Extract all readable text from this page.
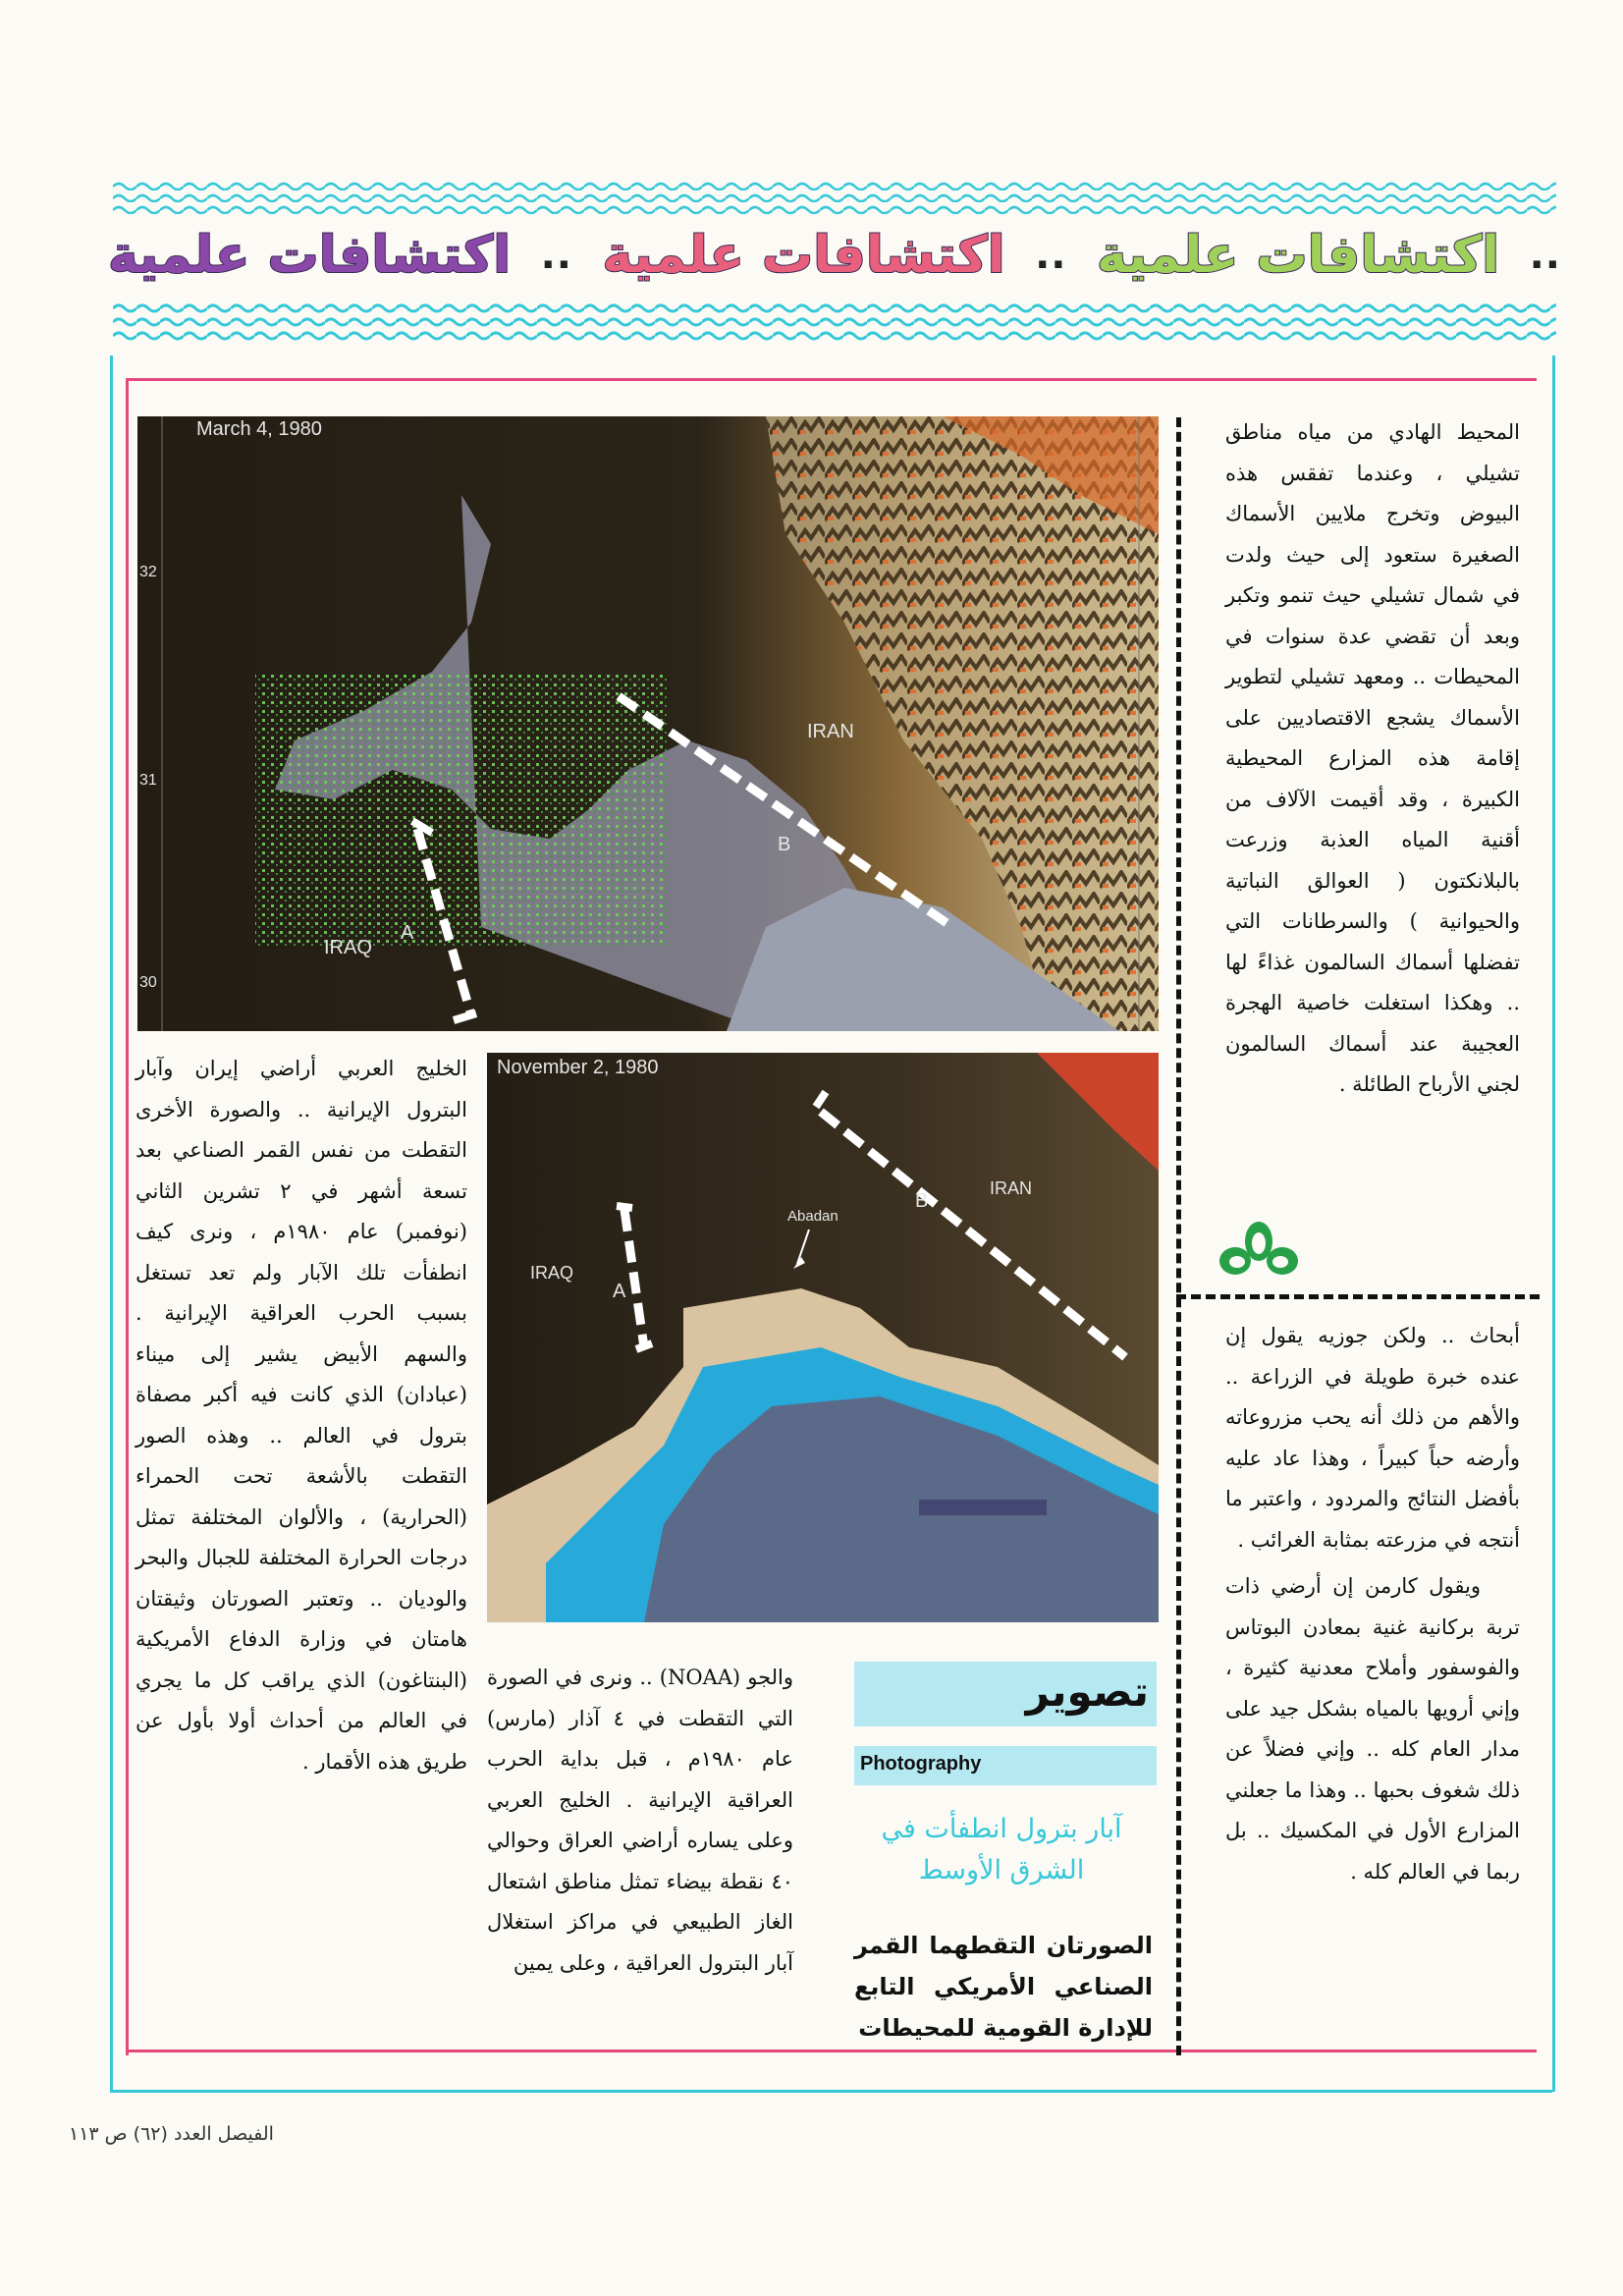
اكتشافات علمية .. اكتشافات علمية .. اكتشافات علمية ..

المحيط الهادي من مياه مناطق تشيلي ، وعندما تفقس هذه البيوض وتخرج ملايين الأسماك الصغيرة ستعود إلى حيث ولدت في شمال تشيلي حيث تنمو وتكبر وبعد أن تقضي عدة سنوات في المحيطات .. ومعهد تشيلي لتطوير الأسماك يشجع الاقتصاديين على إقامة هذه المزارع المحيطية الكبيرة ، وقد أقيمت الآلاف من أقنية المياه العذبة وزرعت بالبلانكتون ( العوالق النباتية والحيوانية ) والسرطانات التي تفضلها أسماك السالمون غذاءً لها .. وهكذا استغلت خاصية الهجرة العجيبة عند أسماك السالمون لجني الأرباح الطائلة .

أبحاث .. ولكن جوزيه يقول إن عنده خبرة طويلة في الزراعة .. والأهم من ذلك أنه يحب مزروعاته وأرضه حباً كبيراً ، وهذا عاد عليه بأفضل النتائج والمردود ، واعتبر ما أنتجه في مزرعته بمثابة الغرائب .

ويقول كارمن إن أرضي ذات تربة بركانية غنية بمعادن البوتاس والفوسفور وأملاح معدنية كثيرة ، وإني أرويها بالمياه بشكل جيد على مدار العام كله .. وإني فضلاً عن ذلك شغوف بحبها .. وهذا ما جعلني المزارع الأول في المكسيك .. بل ربما في العالم كله .

March 4, 1980
IRAN
IRAQ
A
B
32
31
30
November 2, 1980
IRAN
IRAQ
Abadan
A
B

الخليج العربي أراضي إيران وآبار البترول الإيرانية .. والصورة الأخرى التقطت من نفس القمر الصناعي بعد تسعة أشهر في ٢ تشرين الثاني (نوفمبر) عام ١٩٨٠م ، ونرى كيف انطفأت تلك الآبار ولم تعد تستغل بسبب الحرب العراقية الإيرانية . والسهم الأبيض يشير إلى ميناء (عبادان) الذي كانت فيه أكبر مصفاة بترول في العالم .. وهذه الصور التقطت بالأشعة تحت الحمراء (الحرارية) ، والألوان المختلفة تمثل درجات الحرارة المختلفة للجبال والبحر والوديان .. وتعتبر الصورتان وثيقتان هامتان في وزارة الدفاع الأمريكية (البنتاغون) الذي يراقب كل ما يجري في العالم من أحداث أولا بأول عن طريق هذه الأقمار .

والجو (NOAA) .. ونرى في الصورة التي التقطت في ٤ آذار (مارس) عام ١٩٨٠م ، قبل بداية الحرب العراقية الإيرانية . الخليج العربي وعلى يساره أراضي العراق وحوالي ٤٠ نقطة بيضاء تمثل مناطق اشتعال الغاز الطبيعي في مراكز استغلال آبار البترول العراقية ، وعلى يمين

تصوير
Photography
آبار بترول انطفأت في الشرق الأوسط
الصورتان التقطهما القمر الصناعي الأمريكي التابع للإدارة القومية للمحيطات
الفيصل العدد (٦٢) ص ١١٣
